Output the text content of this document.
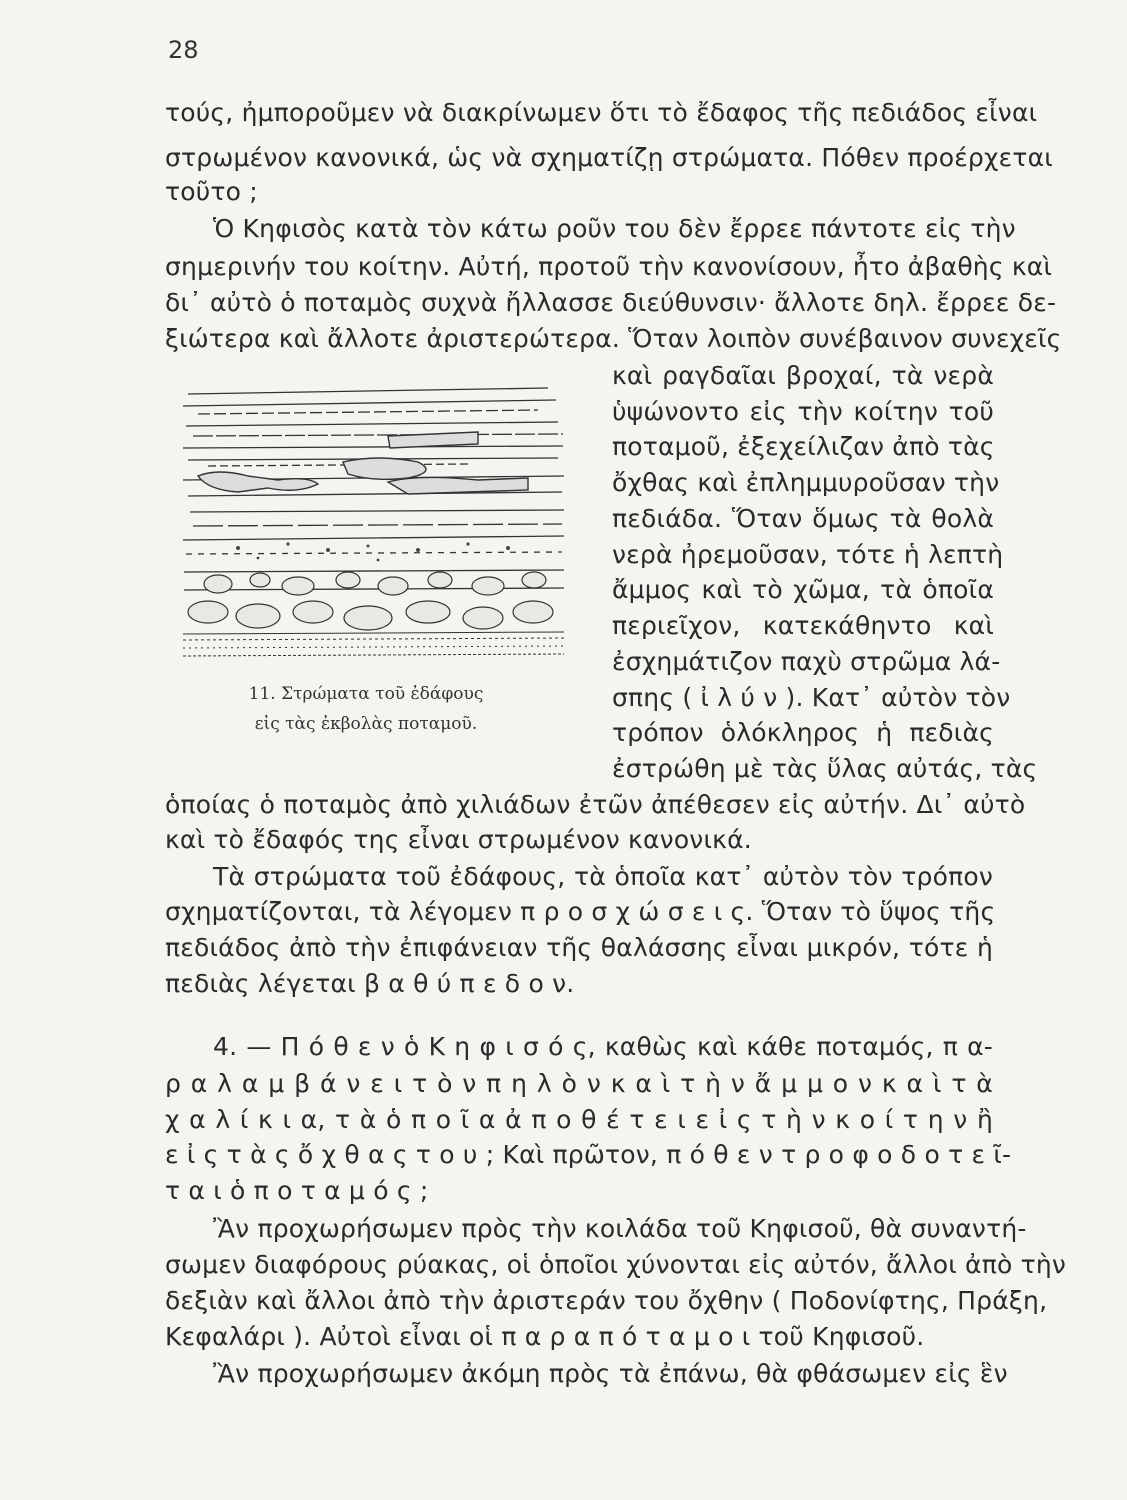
28
τούς, ἠμποροῦμεν νὰ διακρίνωμεν ὅτι τὸ ἔδαφος τῆς πεδιάδος εἶναι
στρωμένον κανονικά, ὡς νὰ σχηματίζῃ στρώματα. Πόθεν προέρχεται
τοῦτο ;
Ὁ Κηφισὸς κατὰ τὸν κάτω ροῦν του δὲν ἔρρεε πάντοτε εἰς τὴν
σημερινήν του κοίτην. Αὐτή, προτοῦ τὴν κανονίσουν, ἦτο ἀβαθὴς καὶ
δι᾽ αὐτὸ ὁ ποταμὸς συχνὰ ἤλλασσε διεύθυνσιν· ἄλλοτε δηλ. ἔρρεε δε-
ξιώτερα καὶ ἄλλοτε ἀριστερώτερα. Ὅταν λοιπὸν συνέβαινον συνεχεῖς
11. Στρώματα τοῦ ἐδάφους
εἰς τὰς ἐκβολὰς ποταμοῦ.
καὶ ραγδαῖαι βροχαί, τὰ νερὰ
ὑψώνοντο εἰς τὴν κοίτην τοῦ
ποταμοῦ, ἐξεχείλιζαν ἀπὸ τὰς
ὄχθας καὶ ἐπλημμυροῦσαν τὴν
πεδιάδα. Ὅταν ὅμως τὰ θολὰ
νερὰ ἠρεμοῦσαν, τότε ἡ λεπτὴ
ἄμμος καὶ τὸ χῶμα, τὰ ὁποῖα
περιεῖχον, κατεκάθηντο καὶ
ἐσχημάτιζον παχὺ στρῶμα λά-
σπης ( ἰ λ ύ ν ). Κατ᾽ αὐτὸν τὸν
τρόπον ὁλόκληρος ἡ πεδιὰς
ἐστρώθη μὲ τὰς ὕλας αὐτάς, τὰς
ὁποίας ὁ ποταμὸς ἀπὸ χιλιάδων ἐτῶν ἀπέθεσεν εἰς αὐτήν. Δι᾽ αὐτὸ
καὶ τὸ ἔδαφός της εἶναι στρωμένον κανονικά.
Τὰ στρώματα τοῦ ἐδάφους, τὰ ὁποῖα κατ᾽ αὐτὸν τὸν τρόπον
σχηματίζονται, τὰ λέγομεν π ρ ο σ χ ώ σ ε ι ς. Ὅταν τὸ ὕψος τῆς
πεδιάδος ἀπὸ τὴν ἐπιφάνειαν τῆς θαλάσσης εἶναι μικρόν, τότε ἡ
πεδιὰς λέγεται β α θ ύ π ε δ ο ν.
4. — Π ό θ ε ν ὁ Κ η φ ι σ ό ς, καθὼς καὶ κάθε ποταμός, π α-
ρ α λ α μ β ά ν ε ι τ ὸ ν π η λ ὸ ν κ α ὶ τ ὴ ν ἄ μ μ ο ν κ α ὶ τ ὰ
χ α λ ί κ ι α, τ ὰ ὁ π ο ῖ α ἀ π ο θ έ τ ε ι ε ἰ ς τ ὴ ν κ ο ί τ η ν ἢ
ε ἰ ς τ ὰ ς ὄ χ θ α ς τ ο υ ; Καὶ πρῶτον, π ό θ ε ν τ ρ ο φ ο δ ο τ ε ῖ-
τ α ι ὁ π ο τ α μ ό ς ;
Ἂν προχωρήσωμεν πρὸς τὴν κοιλάδα τοῦ Κηφισοῦ, θὰ συναντή-
σωμεν διαφόρους ρύακας, οἱ ὁποῖοι χύνονται εἰς αὐτόν, ἄλλοι ἀπὸ τὴν
δεξιὰν καὶ ἄλλοι ἀπὸ τὴν ἀριστεράν του ὄχθην ( Ποδονίφτης, Πράξη,
Κεφαλάρι ). Αὐτοὶ εἶναι οἱ π α ρ α π ό τ α μ ο ι τοῦ Κηφισοῦ.
Ἂν προχωρήσωμεν ἀκόμη πρὸς τὰ ἐπάνω, θὰ φθάσωμεν εἰς ἓν
